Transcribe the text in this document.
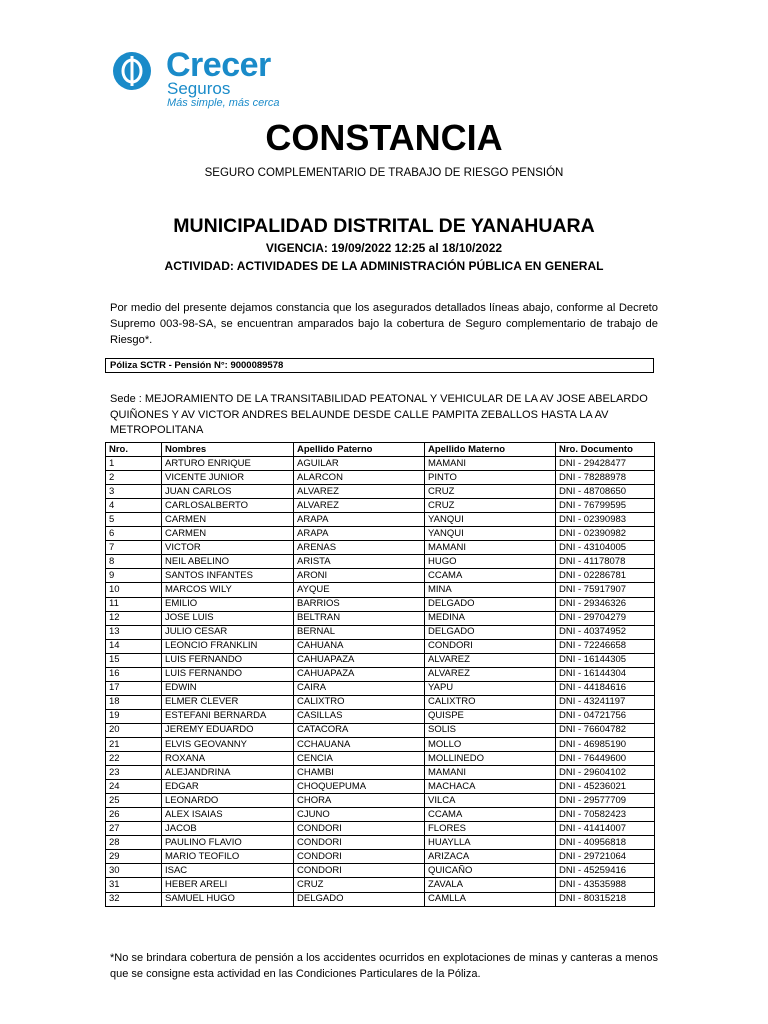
Crecer
Seguros
Más simple, más cerca
CONSTANCIA
SEGURO COMPLEMENTARIO DE TRABAJO DE RIESGO PENSIÓN
MUNICIPALIDAD DISTRITAL DE YANAHUARA
VIGENCIA: 19/09/2022 12:25 al 18/10/2022
ACTIVIDAD: ACTIVIDADES DE LA ADMINISTRACIÓN PÚBLICA EN GENERAL

Por medio del presente dejamos constancia que los asegurados detallados líneas abajo, conforme al Decreto Supremo 003-98-SA, se encuentran amparados bajo la cobertura de Seguro complementario de trabajo de Riesgo*.

Póliza SCTR - Pensión N°: 9000089578

Sede : MEJORAMIENTO DE LA TRANSITABILIDAD PEATONAL Y VEHICULAR DE LA AV JOSE ABELARDO QUIÑONES Y AV VICTOR ANDRES BELAUNDE DESDE CALLE PAMPITA ZEBALLOS HASTA LA AV METROPOLITANA

Nro.	Nombres	Apellido Paterno	Apellido Materno	Nro. Documento
1	ARTURO ENRIQUE	AGUILAR	MAMANI	DNI - 29428477
2	VICENTE JUNIOR	ALARCON	PINTO	DNI - 78288978
3	JUAN CARLOS	ALVAREZ	CRUZ	DNI - 48708650
4	CARLOSALBERTO	ALVAREZ	CRUZ	DNI - 76799595
5	CARMEN	ARAPA	YANQUI	DNI - 02390983
6	CARMEN	ARAPA	YANQUI	DNI - 02390982
7	VICTOR	ARENAS	MAMANI	DNI - 43104005
8	NEIL ABELINO	ARISTA	HUGO	DNI - 41178078
9	SANTOS INFANTES	ARONI	CCAMA	DNI - 02286781
10	MARCOS WILY	AYQUE	MINA	DNI - 75917907
11	EMILIO	BARRIOS	DELGADO	DNI - 29346326
12	JOSE LUIS	BELTRAN	MEDINA	DNI - 29704279
13	JULIO CESAR	BERNAL	DELGADO	DNI - 40374952
14	LEONCIO FRANKLIN	CAHUANA	CONDORI	DNI - 72246658
15	LUIS FERNANDO	CAHUAPAZA	ALVAREZ	DNI - 16144305
16	LUIS FERNANDO	CAHUAPAZA	ALVAREZ	DNI - 16144304
17	EDWIN	CAIRA	YAPU	DNI - 44184616
18	ELMER CLEVER	CALIXTRO	CALIXTRO	DNI - 43241197
19	ESTEFANI BERNARDA	CASILLAS	QUISPE	DNI - 04721756
20	JEREMY EDUARDO	CATACORA	SOLIS	DNI - 76604782
21	ELVIS GEOVANNY	CCHAUANA	MOLLO	DNI - 46985190
22	ROXANA	CENCIA	MOLLINEDO	DNI - 76449600
23	ALEJANDRINA	CHAMBI	MAMANI	DNI - 29604102
24	EDGAR	CHOQUEPUMA	MACHACA	DNI - 45236021
25	LEONARDO	CHORA	VILCA	DNI - 29577709
26	ALEX ISAIAS	CJUNO	CCAMA	DNI - 70582423
27	JACOB	CONDORI	FLORES	DNI - 41414007
28	PAULINO FLAVIO	CONDORI	HUAYLLA	DNI - 40956818
29	MARIO TEOFILO	CONDORI	ARIZACA	DNI - 29721064
30	ISAC	CONDORI	QUICAÑO	DNI - 45259416
31	HEBER ARELI	CRUZ	ZAVALA	DNI - 43535988
32	SAMUEL HUGO	DELGADO	CAMLLA	DNI - 80315218

*No se brindara cobertura de pensión a los accidentes ocurridos en explotaciones de minas y canteras a menos que se consigne esta actividad en las Condiciones Particulares de la Póliza.
